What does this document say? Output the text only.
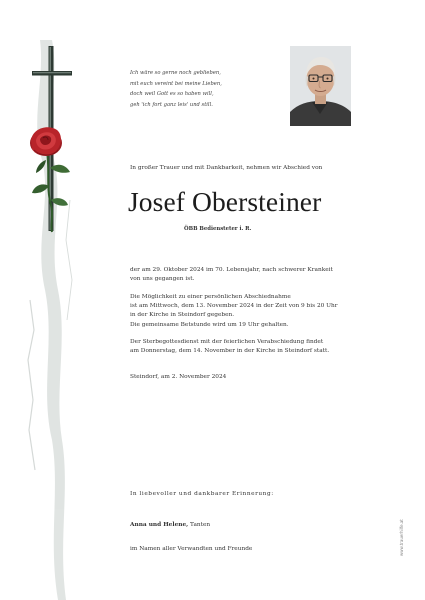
Ich wäre so gerne noch geblieben,
mit euch vereint bei meine Lieben,
doch weil Gott es so haben will,
geh 'ich fort ganz leis' und still.
In großer Trauer und mit Dankbarkeit, nehmen wir Abschied von
Josef Obersteiner
ÖBB Bediensteter i. R.

der am 29. Oktober 2024 im 70. Lebensjahr, nach schwerer Krankeit
von uns gegangen ist.

Die Möglichkeit zu einer persönlichen Abschiednahme
ist am Mittwoch, dem 13. November 2024 in der Zeit von 9 bis 20 Uhr
in der Kirche in Steindorf gegeben.
Die gemeinsame Betstunde wird um 19 Uhr gehalten.

Der Sterbegottesdienst mit der feierlichen Verabschiedung findet
am Donnerstag, dem 14. November in der Kirche in Steindorf statt.

Steindorf, am 2. November 2024

In liebevoller und dankbarer Erinnerung:
Anna und Helene, Tanten
im Namen aller Verwandten und Freunde	www.trauerhilfe.at
